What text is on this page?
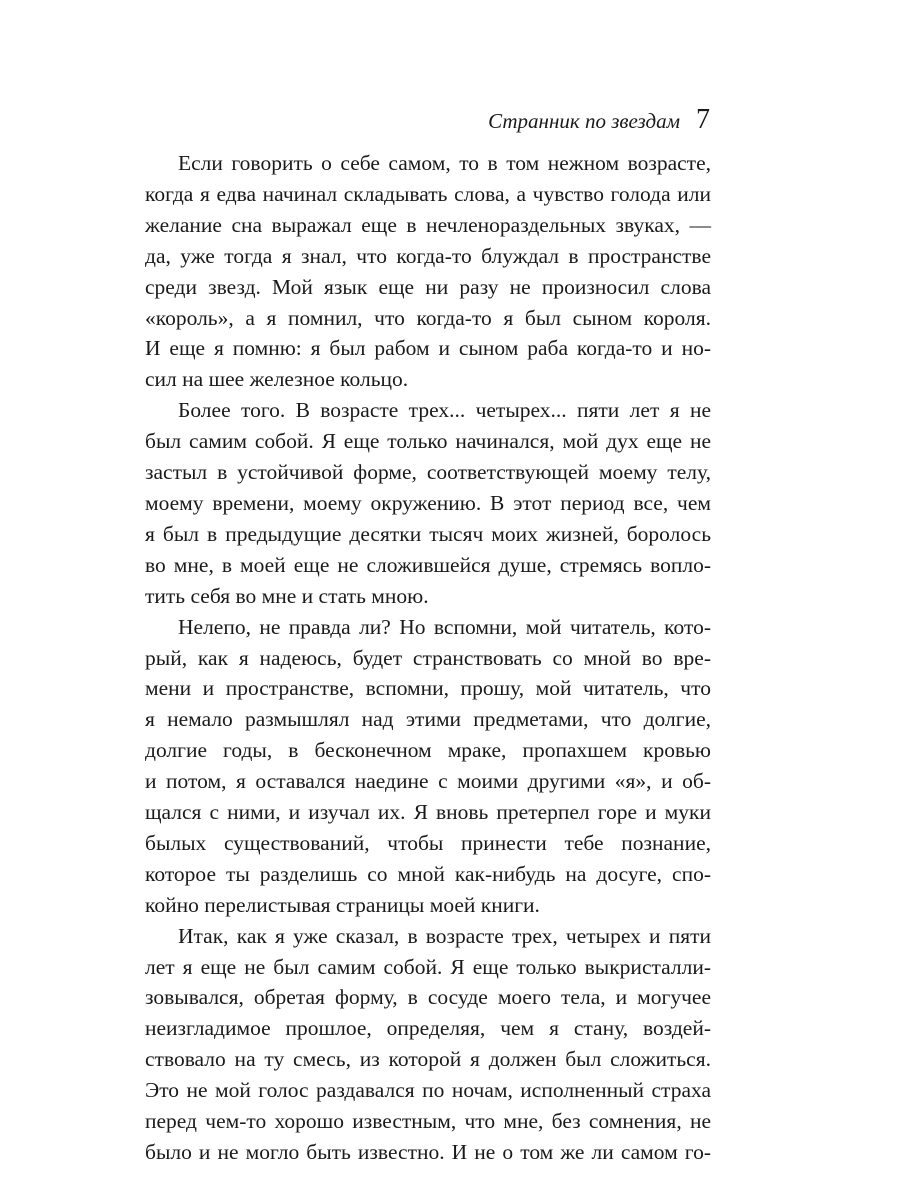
Странник по звездам 7

Если говорить о себе самом, то в том нежном возрасте,
когда я едва начинал складывать слова, а чувство голода или
желание сна выражал еще в нечленораздельных звуках, —
да, уже тогда я знал, что когда-то блуждал в пространстве
среди звезд. Мой язык еще ни разу не произносил слова
«король», а я помнил, что когда-то я был сыном короля.
И еще я помню: я был рабом и сыном раба когда-то и но-
сил на шее железное кольцо.

Более того. В возрасте трех... четырех... пяти лет я не
был самим собой. Я еще только начинался, мой дух еще не
застыл в устойчивой форме, соответствующей моему телу,
моему времени, моему окружению. В этот период все, чем
я был в предыдущие десятки тысяч моих жизней, боролось
во мне, в моей еще не сложившейся душе, стремясь вопло-
тить себя во мне и стать мною.

Нелепо, не правда ли? Но вспомни, мой читатель, кото-
рый, как я надеюсь, будет странствовать со мной во вре-
мени и пространстве, вспомни, прошу, мой читатель, что
я немало размышлял над этими предметами, что долгие,
долгие годы, в бесконечном мраке, пропахшем кровью
и потом, я оставался наедине с моими другими «я», и об-
щался с ними, и изучал их. Я вновь претерпел горе и муки
былых существований, чтобы принести тебе познание,
которое ты разделишь со мной как-нибудь на досуге, спо-
койно перелистывая страницы моей книги.

Итак, как я уже сказал, в возрасте трех, четырех и пяти
лет я еще не был самим собой. Я еще только выкристалли-
зовывался, обретая форму, в сосуде моего тела, и могучее
неизгладимое прошлое, определяя, чем я стану, воздей-
ствовало на ту смесь, из которой я должен был сложиться.
Это не мой голос раздавался по ночам, исполненный страха
перед чем-то хорошо известным, что мне, без сомнения, не
было и не могло быть известно. И не о том же ли самом го-
